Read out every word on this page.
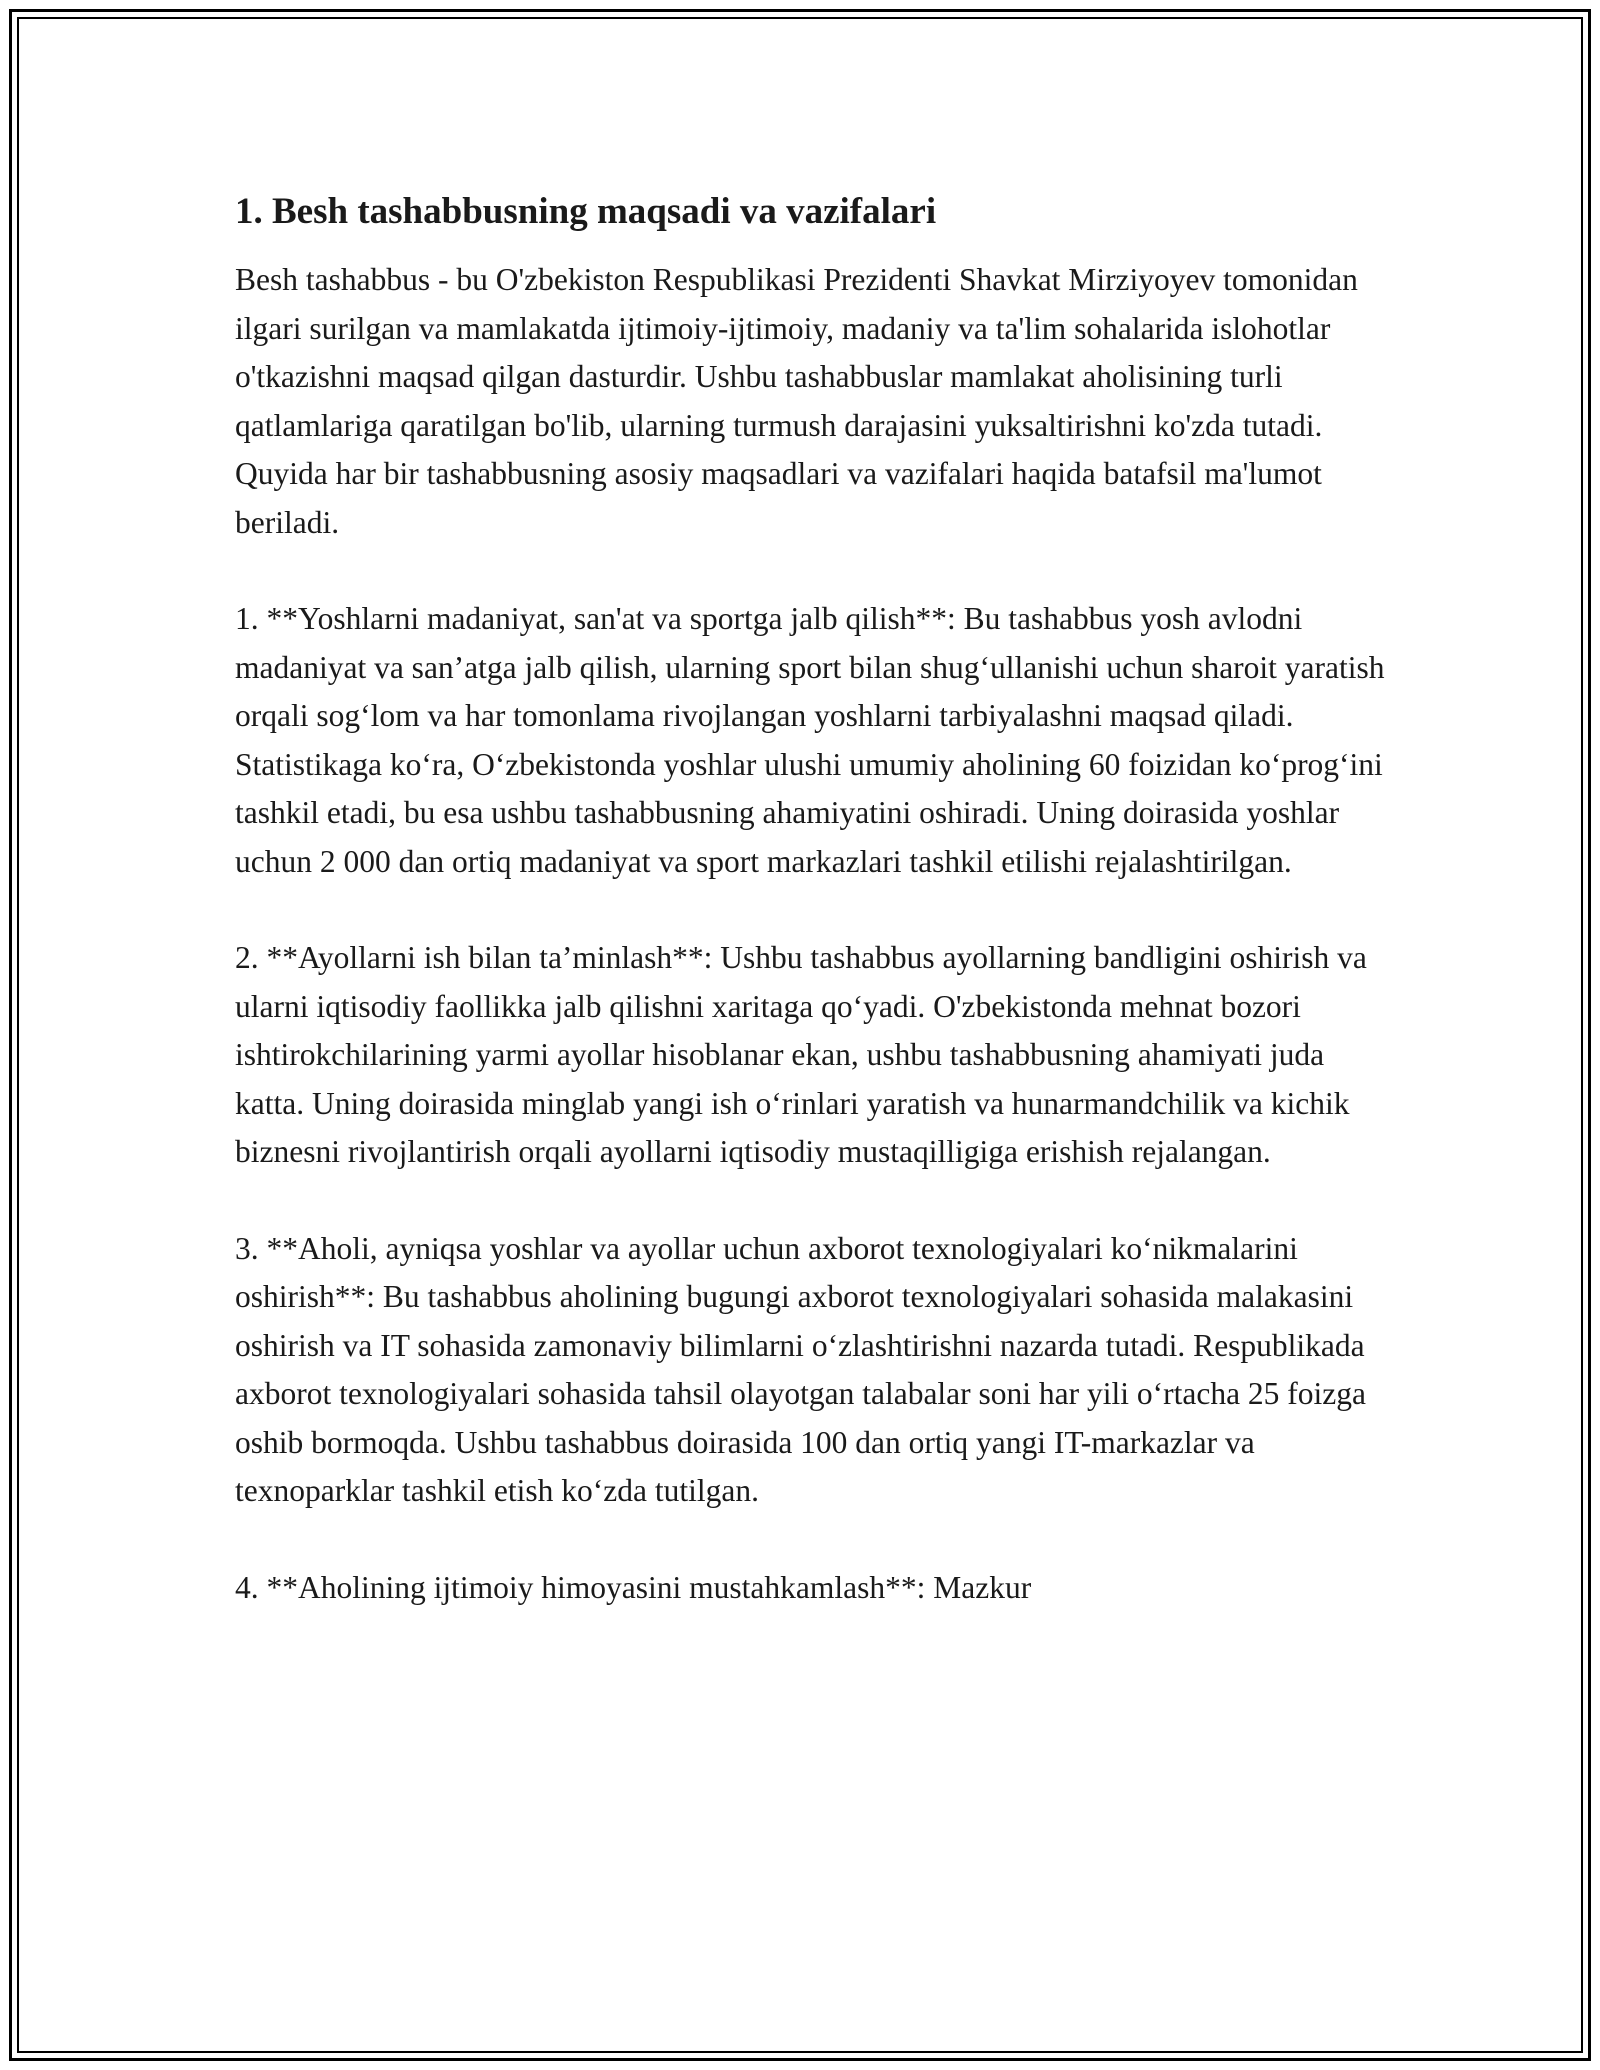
1. Besh tashabbusning maqsadi va vazifalari

Besh tashabbus - bu O'zbekiston Respublikasi Prezidenti Shavkat Mirziyoyev tomonidan ilgari surilgan va mamlakatda ijtimoiy-ijtimoiy, madaniy va ta'lim sohalarida islohotlar o'tkazishni maqsad qilgan dasturdir. Ushbu tashabbuslar mamlakat aholisining turli qatlamlariga qaratilgan bo'lib, ularning turmush darajasini yuksaltirishni ko'zda tutadi. Quyida har bir tashabbusning asosiy maqsadlari va vazifalari haqida batafsil ma'lumot beriladi.

1. **Yoshlarni madaniyat, san'at va sportga jalb qilish**: Bu tashabbus yosh avlodni madaniyat va san’atga jalb qilish, ularning sport bilan shug‘ullanishi uchun sharoit yaratish orqali sog‘lom va har tomonlama rivojlangan yoshlarni tarbiyalashni maqsad qiladi. Statistikaga ko‘ra, O‘zbekistonda yoshlar ulushi umumiy aholining 60 foizidan ko‘prog‘ini tashkil etadi, bu esa ushbu tashabbusning ahamiyatini oshiradi. Uning doirasida yoshlar uchun 2 000 dan ortiq madaniyat va sport markazlari tashkil etilishi rejalashtirilgan.

2. **Ayollarni ish bilan ta’minlash**: Ushbu tashabbus ayollarning bandligini oshirish va ularni iqtisodiy faollikka jalb qilishni xaritaga qo‘yadi. O'zbekistonda mehnat bozori ishtirokchilarining yarmi ayollar hisoblanar ekan, ushbu tashabbusning ahamiyati juda katta. Uning doirasida minglab yangi ish o‘rinlari yaratish va hunarmandchilik va kichik biznesni rivojlantirish orqali ayollarni iqtisodiy mustaqilligiga erishish rejalangan.

3. **Aholi, ayniqsa yoshlar va ayollar uchun axborot texnologiyalari ko‘nikmalarini oshirish**: Bu tashabbus aholining bugungi axborot texnologiyalari sohasida malakasini oshirish va IT sohasida zamonaviy bilimlarni o‘zlashtirishni nazarda tutadi. Respublikada axborot texnologiyalari sohasida tahsil olayotgan talabalar soni har yili o‘rtacha 25 foizga oshib bormoqda. Ushbu tashabbus doirasida 100 dan ortiq yangi IT-markazlar va texnoparklar tashkil etish ko‘zda tutilgan.

4. **Aholining ijtimoiy himoyasini mustahkamlash**: Mazkur
